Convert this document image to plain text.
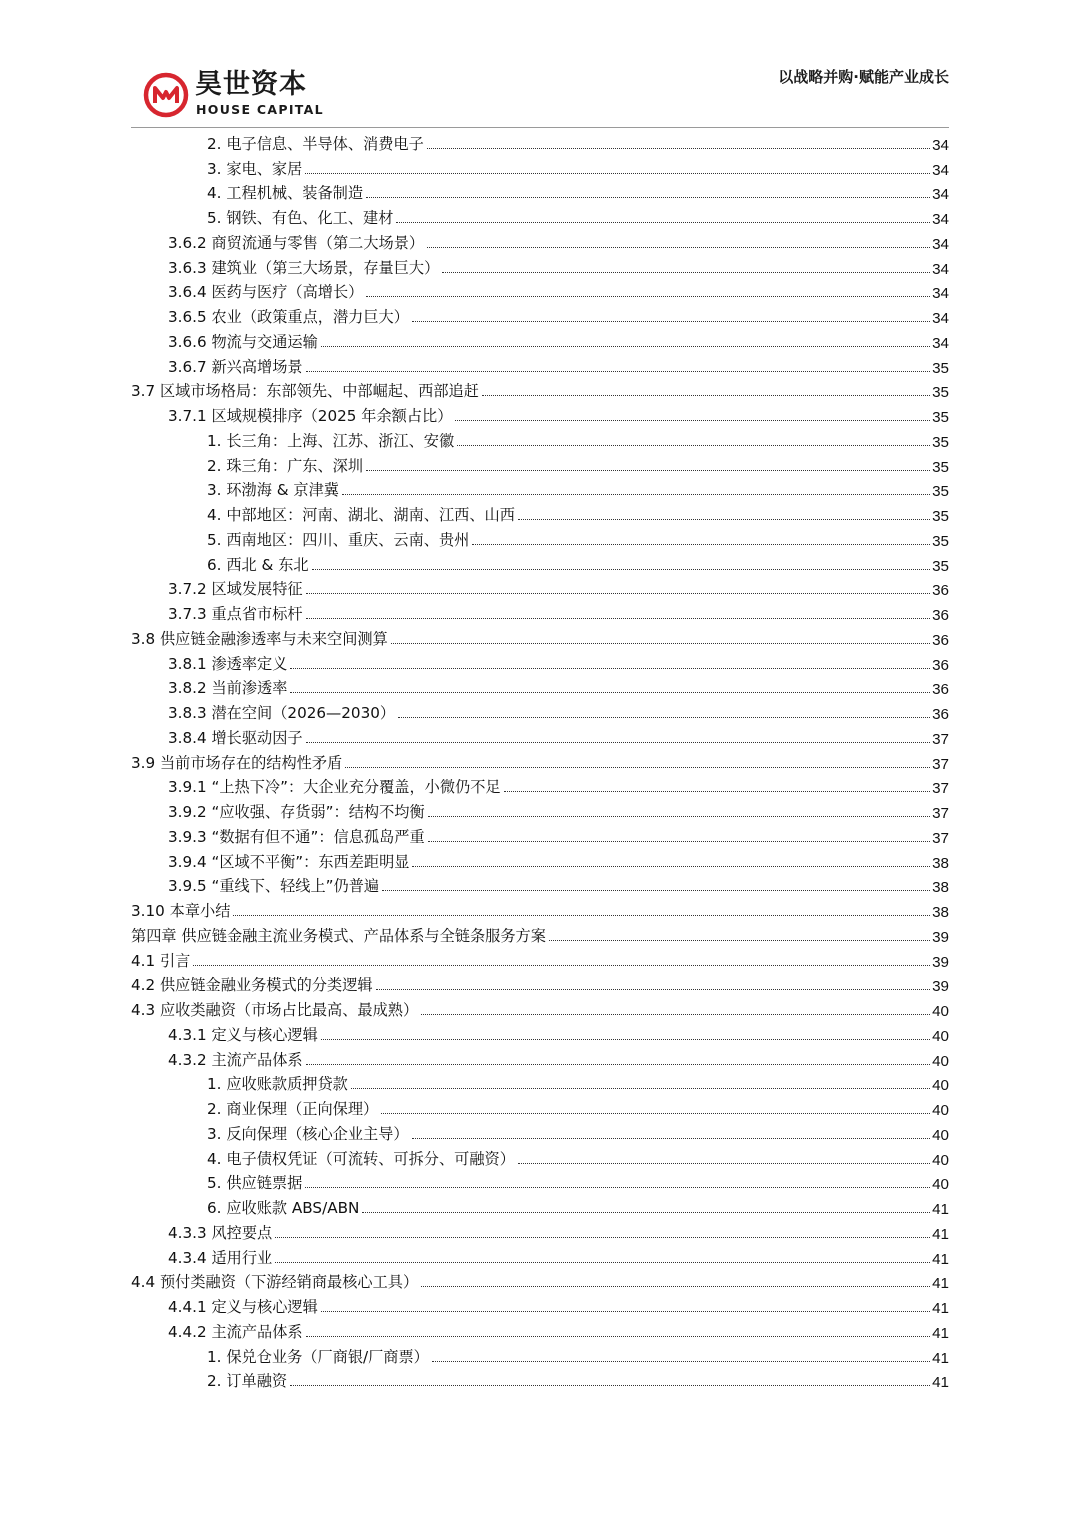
昊世资本
HOUSE CAPITAL
以战略并购·赋能产业成长
2. 电子信息、半导体、消费电子	34
3. 家电、家居	34
4. 工程机械、装备制造	34
5. 钢铁、有色、化工、建材	34
3.6.2 商贸流通与零售（第二大场景）	34
3.6.3 建筑业（第三大场景，存量巨大）	34
3.6.4 医药与医疗（高增长）	34
3.6.5 农业（政策重点，潜力巨大）	34
3.6.6 物流与交通运输	34
3.6.7 新兴高增场景	35
3.7 区域市场格局：东部领先、中部崛起、西部追赶	35
3.7.1 区域规模排序（2025 年余额占比）	35
1. 长三角：上海、江苏、浙江、安徽	35
2. 珠三角：广东、深圳	35
3. 环渤海 & 京津冀	35
4. 中部地区：河南、湖北、湖南、江西、山西	35
5. 西南地区：四川、重庆、云南、贵州	35
6. 西北 & 东北	35
3.7.2 区域发展特征	36
3.7.3 重点省市标杆	36
3.8 供应链金融渗透率与未来空间测算	36
3.8.1 渗透率定义	36
3.8.2 当前渗透率	36
3.8.3 潜在空间（2026—2030）	36
3.8.4 增长驱动因子	37
3.9 当前市场存在的结构性矛盾	37
3.9.1 “上热下冷”：大企业充分覆盖，小微仍不足	37
3.9.2 “应收强、存货弱”：结构不均衡	37
3.9.3 “数据有但不通”：信息孤岛严重	37
3.9.4 “区域不平衡”：东西差距明显	38
3.9.5 “重线下、轻线上”仍普遍	38
3.10 本章小结	38
第四章 供应链金融主流业务模式、产品体系与全链条服务方案	39
4.1 引言	39
4.2 供应链金融业务模式的分类逻辑	39
4.3 应收类融资（市场占比最高、最成熟）	40
4.3.1 定义与核心逻辑	40
4.3.2 主流产品体系	40
1. 应收账款质押贷款	40
2. 商业保理（正向保理）	40
3. 反向保理（核心企业主导）	40
4. 电子债权凭证（可流转、可拆分、可融资）	40
5. 供应链票据	40
6. 应收账款 ABS/ABN	41
4.3.3 风控要点	41
4.3.4 适用行业	41
4.4 预付类融资（下游经销商最核心工具）	41
4.4.1 定义与核心逻辑	41
4.4.2 主流产品体系	41
1. 保兑仓业务（厂商银/厂商票）	41
2. 订单融资	41
